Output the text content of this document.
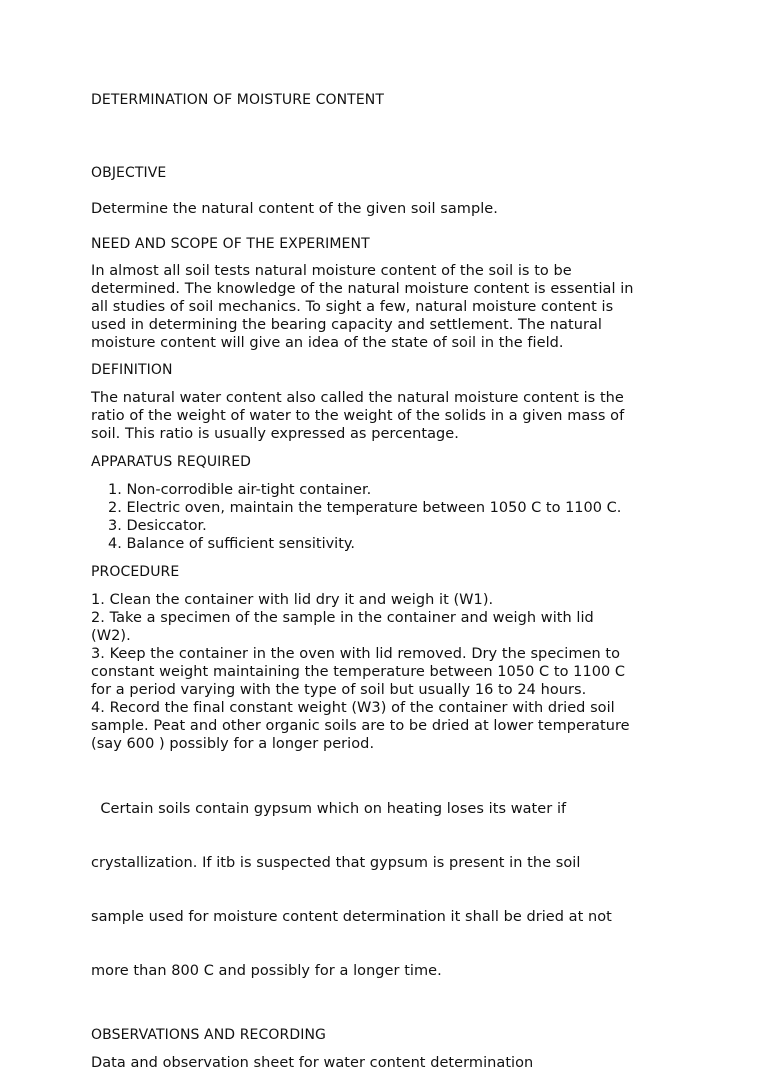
DETERMINATION OF MOISTURE CONTENT

OBJECTIVE

Determine the natural content of the given soil sample.

NEED AND SCOPE OF THE EXPERIMENT

In almost all soil tests natural moisture content of the soil is to be
determined. The knowledge of the natural moisture content is essential in
all studies of soil mechanics. To sight a few, natural moisture content is
used in determining the bearing capacity and settlement. The natural
moisture content will give an idea of the state of soil in the field.

DEFINITION

The natural water content also called the natural moisture content is the
ratio of the weight of water to the weight of the solids in a given mass of
soil. This ratio is usually expressed as percentage.

APPARATUS REQUIRED

1. Non-corrodible air-tight container.
2. Electric oven, maintain the temperature between 1050 C to 1100 C.
3. Desiccator.
4. Balance of sufficient sensitivity.

PROCEDURE

1. Clean the container with lid dry it and weigh it (W1).
2. Take a specimen of the sample in the container and weigh with lid
(W2).
3. Keep the container in the oven with lid removed. Dry the specimen to
constant weight maintaining the temperature between 1050 C to 1100 C
for a period varying with the type of soil but usually 16 to 24 hours.
4. Record the final constant weight (W3) of the container with dried soil
sample. Peat and other organic soils are to be dried at lower temperature
(say 600 ) possibly for a longer period.

Certain soils contain gypsum which on heating loses its water if

crystallization. If itb is suspected that gypsum is present in the soil

sample used for moisture content determination it shall be dried at not

more than 800 C and possibly for a longer time.

OBSERVATIONS AND RECORDING

Data and observation sheet for water content determination
